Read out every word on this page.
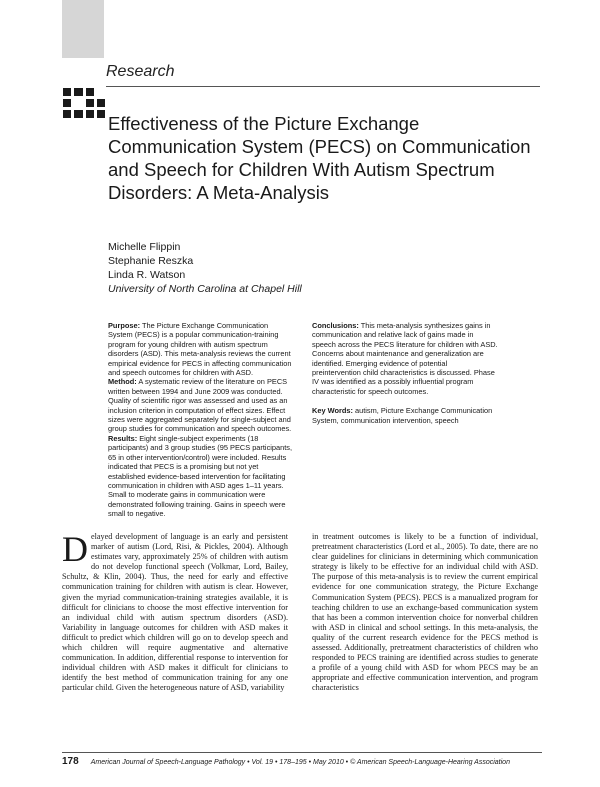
Research
Effectiveness of the Picture Exchange Communication System (PECS) on Communication and Speech for Children With Autism Spectrum Disorders: A Meta-Analysis
Michelle Flippin
Stephanie Reszka
Linda R. Watson
University of North Carolina at Chapel Hill
Purpose: The Picture Exchange Communication System (PECS) is a popular communication-training program for young children with autism spectrum disorders (ASD). This meta-analysis reviews the current empirical evidence for PECS in affecting communication and speech outcomes for children with ASD.
Method: A systematic review of the literature on PECS written between 1994 and June 2009 was conducted. Quality of scientific rigor was assessed and used as an inclusion criterion in computation of effect sizes. Effect sizes were aggregated separately for single-subject and group studies for communication and speech outcomes.
Results: Eight single-subject experiments (18 participants) and 3 group studies (95 PECS participants, 65 in other intervention/control) were included. Results indicated that PECS is a promising but not yet established evidence-based intervention for facilitating communication in children with ASD ages 1–11 years. Small to moderate gains in communication were demonstrated following training. Gains in speech were small to negative.
Conclusions: This meta-analysis synthesizes gains in communication and relative lack of gains made in speech across the PECS literature for children with ASD. Concerns about maintenance and generalization are identified. Emerging evidence of potential preintervention child characteristics is discussed. Phase IV was identified as a possibly influential program characteristic for speech outcomes.
Key Words: autism, Picture Exchange Communication System, communication intervention, speech
Delayed development of language is an early and persistent marker of autism (Lord, Risi, & Pickles, 2004). Although estimates vary, approximately 25% of children with autism do not develop functional speech (Volkmar, Lord, Bailey, Schultz, & Klin, 2004). Thus, the need for early and effective communication training for children with autism is clear. However, given the myriad communication-training strategies available, it is difficult for clinicians to choose the most effective intervention for an individual child with autism spectrum disorders (ASD). Variability in language outcomes for children with ASD makes it difficult to predict which children will go on to develop speech and which children will require augmentative and alternative communication. In addition, differential response to intervention for individual children with ASD makes it difficult for clinicians to identify the best method of communication training for any one particular child. Given the heterogeneous nature of ASD, variability
in treatment outcomes is likely to be a function of individual, pretreatment characteristics (Lord et al., 2005). To date, there are no clear guidelines for clinicians in determining which communication strategy is likely to be effective for an individual child with ASD. The purpose of this meta-analysis is to review the current empirical evidence for one communication strategy, the Picture Exchange Communication System (PECS). PECS is a manualized program for teaching children to use an exchange-based communication system that has been a common intervention choice for nonverbal children with ASD in clinical and school settings. In this meta-analysis, the quality of the current research evidence for the PECS method is assessed. Additionally, pretreatment characteristics of children who responded to PECS training are identified across studies to generate a profile of a young child with ASD for whom PECS may be an appropriate and effective communication intervention, and program characteristics
178 American Journal of Speech-Language Pathology • Vol. 19 • 178–195 • May 2010 • © American Speech-Language-Hearing Association
